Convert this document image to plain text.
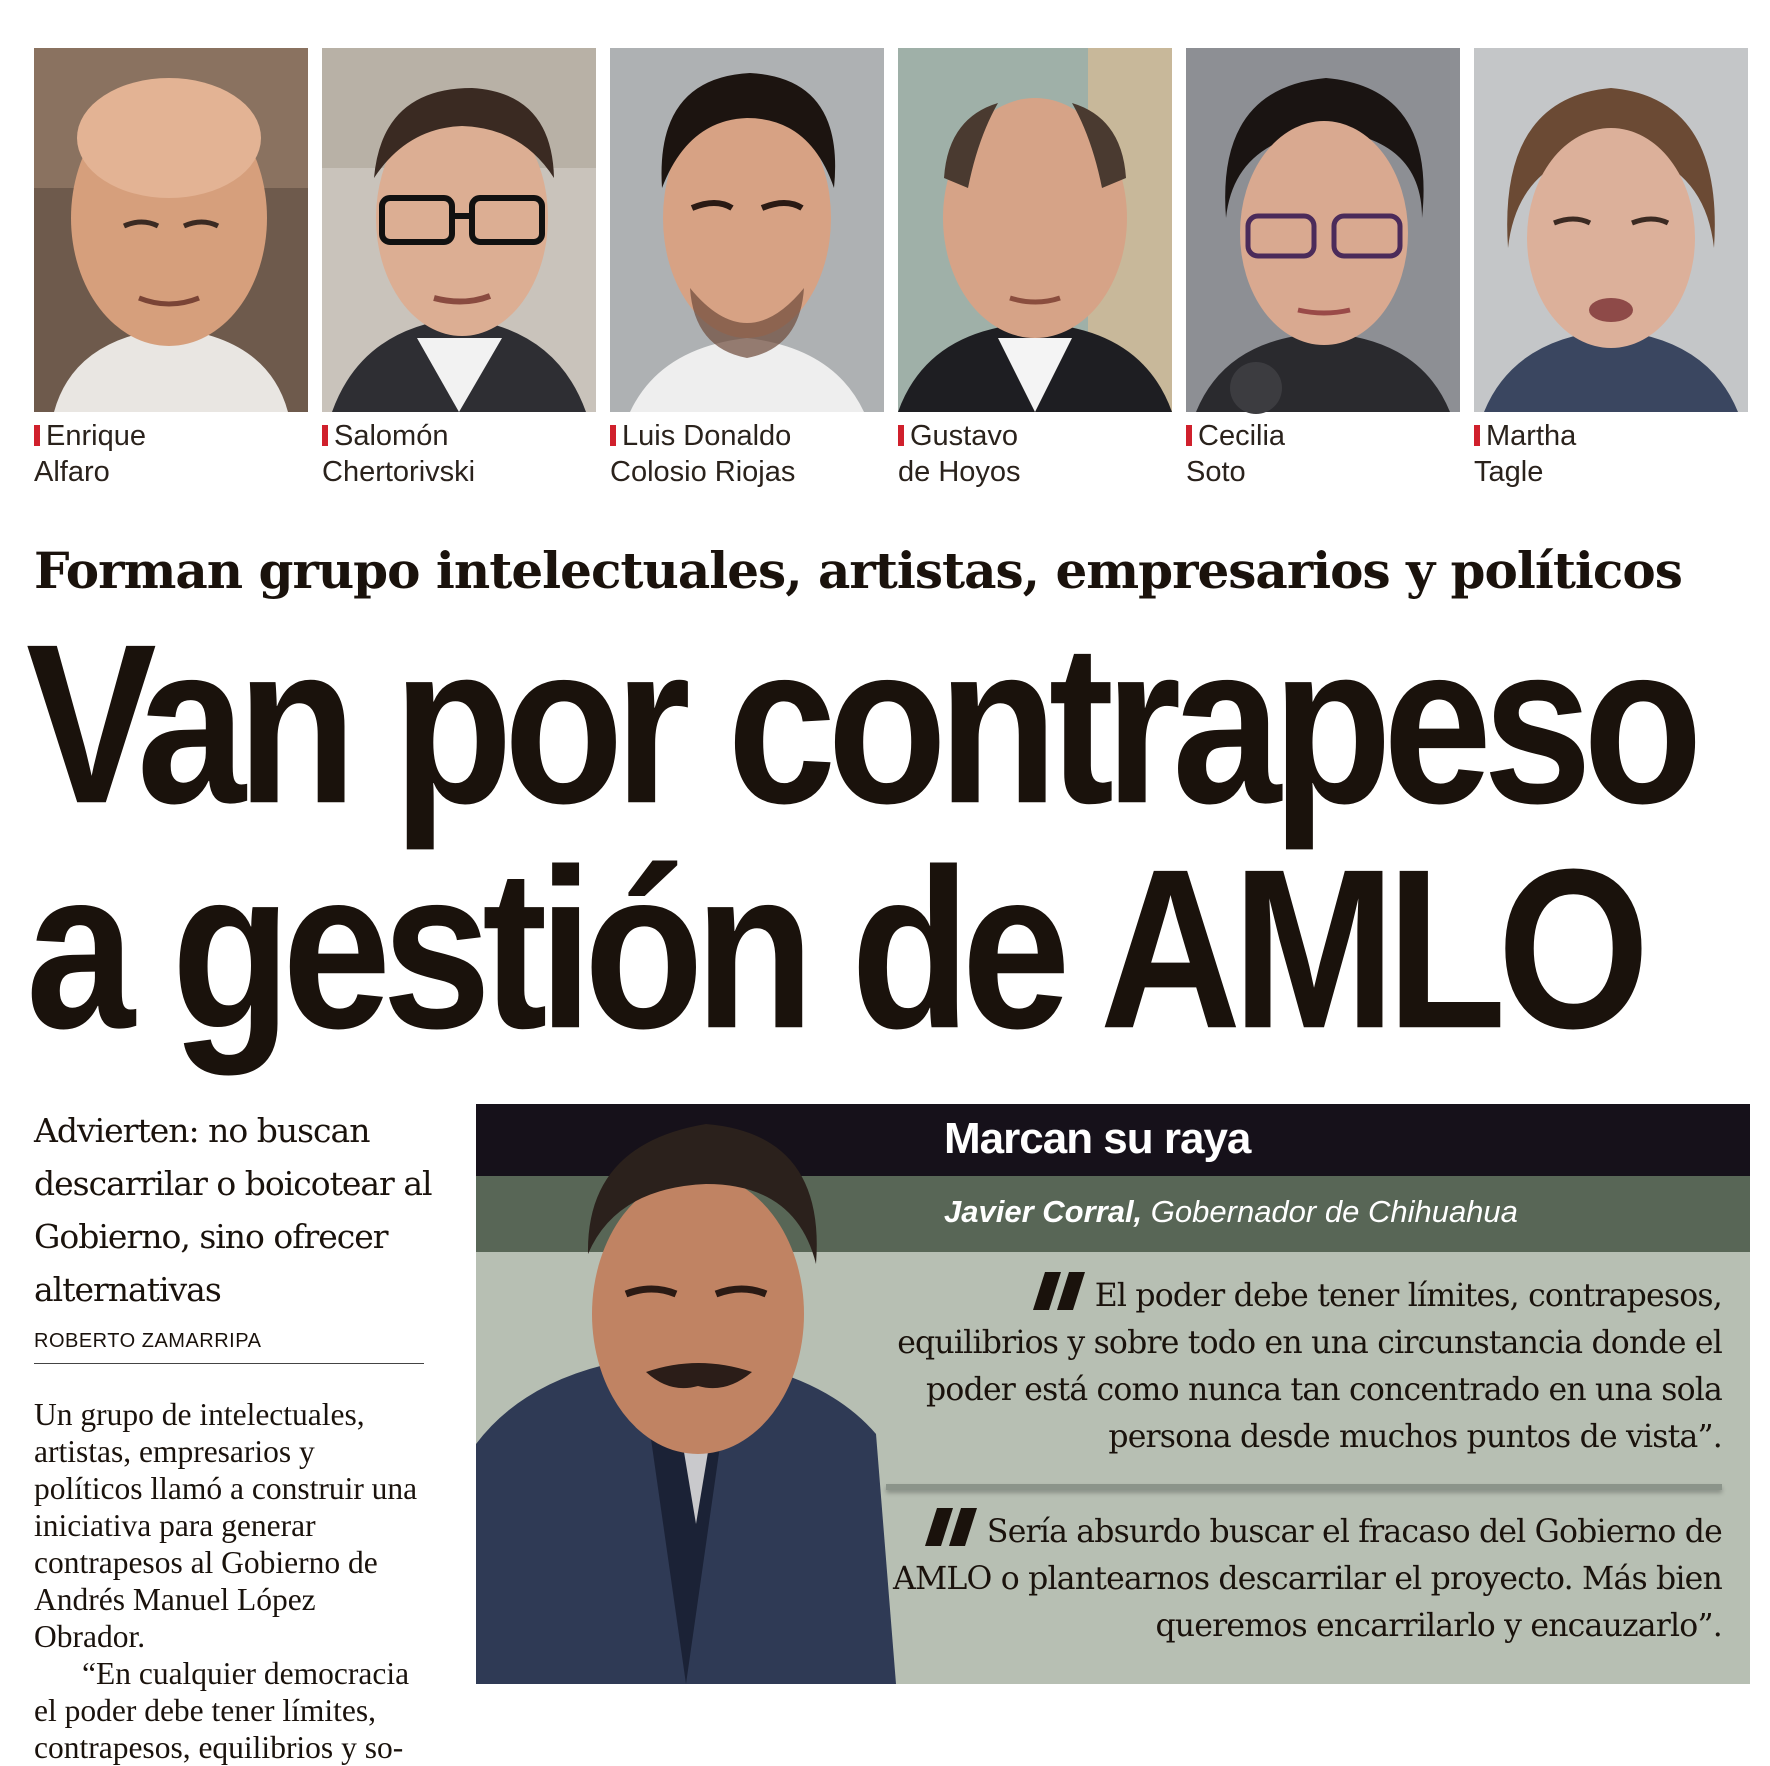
Enrique
Alfaro
Salomón
Chertorivski
Luis Donaldo
Colosio Riojas
Gustavo
de Hoyos
Cecilia
Soto
Martha
Tagle
Forman grupo intelectuales, artistas, empresarios y políticos
Van por contrapeso
a gestión de AMLO
Advierten: no buscan descarrilar o boicotear al Gobierno, sino ofrecer alternativas
ROBERTO ZAMARRIPA

Un grupo de intelectuales, artistas, empresarios y políticos llamó a construir una iniciativa para generar contrapesos al Gobierno de Andrés Manuel López Obrador.

“En cualquier democracia el poder debe tener límites, contrapesos, equilibrios y so-

Marcan su raya
Javier Corral, Gobernador de Chihuahua
El poder debe tener límites, contrapesos, equilibrios y sobre todo en una circunstancia donde el poder está como nunca tan concentrado en una sola persona desde muchos puntos de vista”.
Sería absurdo buscar el fracaso del Gobierno de AMLO o plantearnos descarrilar el proyecto. Más bien queremos encarrilarlo y encauzarlo”.
